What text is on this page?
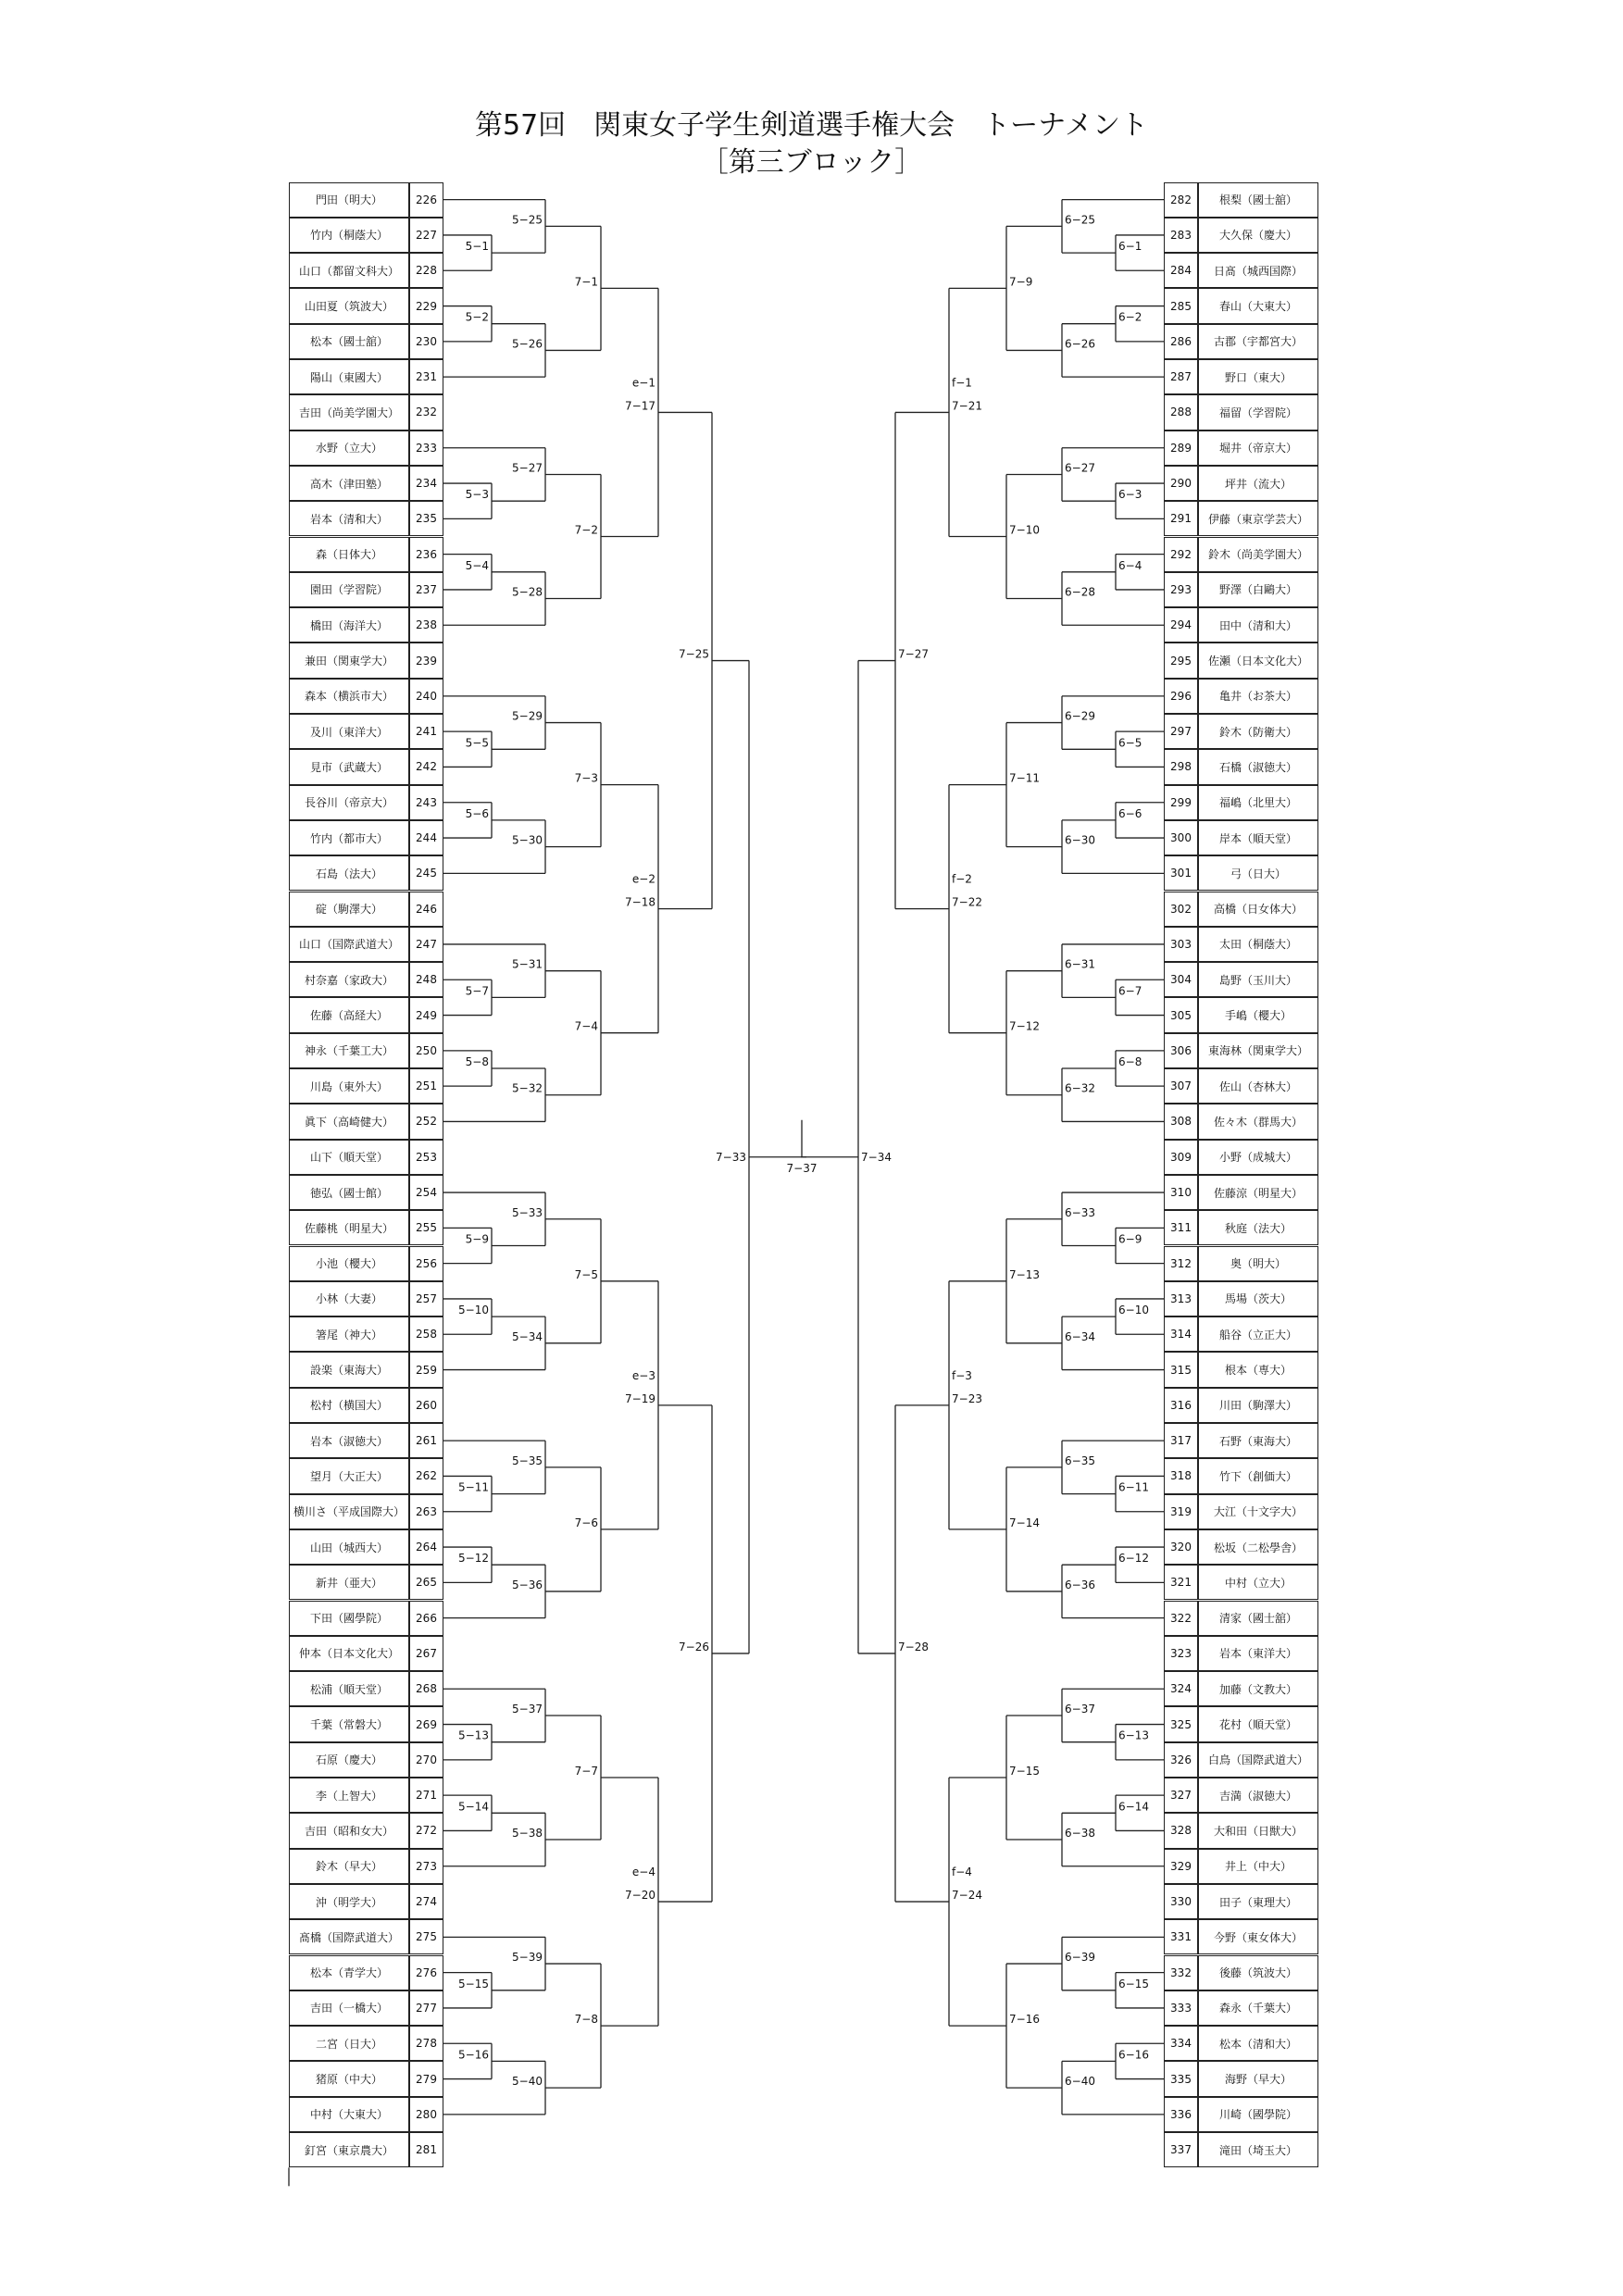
第57回　関東女子学生剣道選手権大会　トーナメント
［第三ブロック］
門田（明大）	226
竹内（桐蔭大）	227
山口（都留文科大）	228
山田夏（筑波大）	229
松本（國士舘）	230
陽山（東國大）	231
吉田（尚美学園大）	232
水野（立大）	233
高木（津田塾）	234
岩本（清和大）	235
森（日体大）	236
園田（学習院）	237
橋田（海洋大）	238
兼田（関東学大）	239
森本（横浜市大）	240
及川（東洋大）	241
見市（武蔵大）	242
長谷川（帝京大）	243
竹内（都市大）	244
石島（法大）	245
碇（駒澤大）	246
山口（国際武道大）	247
村奈嘉（家政大）	248
佐藤（高経大）	249
神永（千葉工大）	250
川島（東外大）	251
眞下（高崎健大）	252
山下（順天堂）	253
徳弘（國士館）	254
佐藤桃（明星大）	255
小池（櫻大）	256
小林（大妻）	257
箸尾（神大）	258
設楽（東海大）	259
松村（横国大）	260
岩本（淑徳大）	261
望月（大正大）	262
横川さ（平成国際大）	263
山田（城西大）	264
新井（亜大）	265
下田（國學院）	266
仲本（日本文化大）	267
松浦（順天堂）	268
千葉（常磐大）	269
石原（慶大）	270
李（上智大）	271
吉田（昭和女大）	272
鈴木（早大）	273
沖（明学大）	274
髙橋（国際武道大）	275
松本（青学大）	276
吉田（一橋大）	277
二宮（日大）	278
猪原（中大）	279
中村（大東大）	280
釘宮（東京農大）	281
282	根梨（國士舘）
283	大久保（慶大）
284	日髙（城西国際）
285	春山（大東大）
286	古郡（宇都宮大）
287	野口（東大）
288	福留（学習院）
289	堀井（帝京大）
290	坪井（流大）
291	伊藤（東京学芸大）
292	鈴木（尚美学園大）
293	野澤（白鷗大）
294	田中（清和大）
295	佐瀬（日本文化大）
296	亀井（お茶大）
297	鈴木（防衛大）
298	石橋（淑徳大）
299	福嶋（北里大）
300	岸本（順天堂）
301	弓（日大）
302	高橋（日女体大）
303	太田（桐蔭大）
304	島野（玉川大）
305	手嶋（櫻大）
306	東海林（関東学大）
307	佐山（杏林大）
308	佐々木（群馬大）
309	小野（成城大）
310	佐藤涼（明星大）
311	秋庭（法大）
312	奥（明大）
313	馬場（茨大）
314	船谷（立正大）
315	根本（専大）
316	川田（駒澤大）
317	石野（東海大）
318	竹下（創価大）
319	大江（十文字大）
320	松坂（二松學舎）
321	中村（立大）
322	清家（國士舘）
323	岩本（東洋大）
324	加藤（文教大）
325	花村（順天堂）
326	白鳥（国際武道大）
327	吉満（淑徳大）
328	大和田（日獣大）
329	井上（中大）
330	田子（東理大）
331	今野（東女体大）
332	後藤（筑波大）
333	森永（千葉大）
334	松本（清和大）
335	海野（早大）
336	川崎（國學院）
337	滝田（埼玉大）
5−1
5−25
5−2
5−26
5−3
5−27
5−4
5−28
5−5
5−29
5−6
5−30
5−7
5−31
5−8
5−32
5−9
5−33
5−10
5−34
5−11
5−35
5−12
5−36
5−13
5−37
5−14
5−38
5−15
5−39
5−16
5−40
7−1
7−2
7−3
7−4
7−5
7−6
7−7
7−8
e−1
7−17
e−2
7−18
e−3
7−19
e−4
7−20
7−25
7−26
7−33
6−1
6−25
6−2
6−26
6−3
6−27
6−4
6−28
6−5
6−29
6−6
6−30
6−7
6−31
6−8
6−32
6−9
6−33
6−10
6−34
6−11
6−35
6−12
6−36
6−13
6−37
6−14
6−38
6−15
6−39
6−16
6−40
7−9
7−10
7−11
7−12
7−13
7−14
7−15
7−16
f−1
7−21
f−2
7−22
f−3
7−23
f−4
7−24
7−27
7−28
7−34
7−37
